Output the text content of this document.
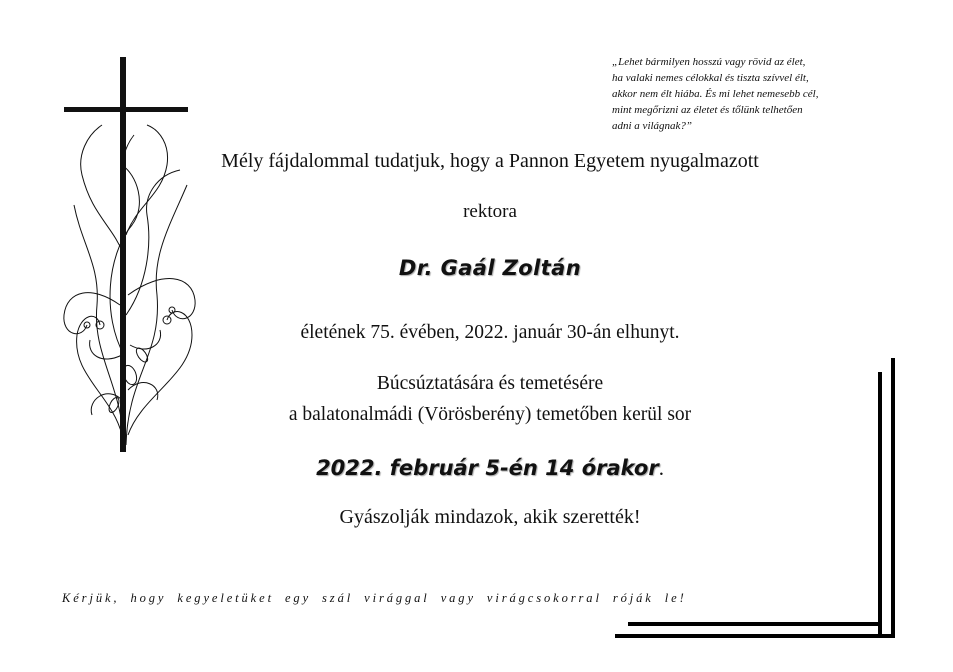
„Lehet bármilyen hosszú vagy rövid az élet,
ha valaki nemes célokkal és tiszta szívvel élt,
akkor nem élt hiába. És mi lehet nemesebb cél,
mint megőrizni az életet és tőlünk telhetően
adni a világnak?”
Mély fájdalommal tudatjuk, hogy a Pannon Egyetem nyugalmazott
rektora
Dr. Gaál Zoltán
életének 75. évében, 2022. január 30-án elhunyt.
Búcsúztatására és temetésére
a balatonalmádi (Vörösberény) temetőben kerül sor
2022. február 5-én 14 órakor.
Gyászolják mindazok, akik szerették!
Kérjük, hogy kegyeletüket egy szál virággal vagy virágcsokorral róják le!
